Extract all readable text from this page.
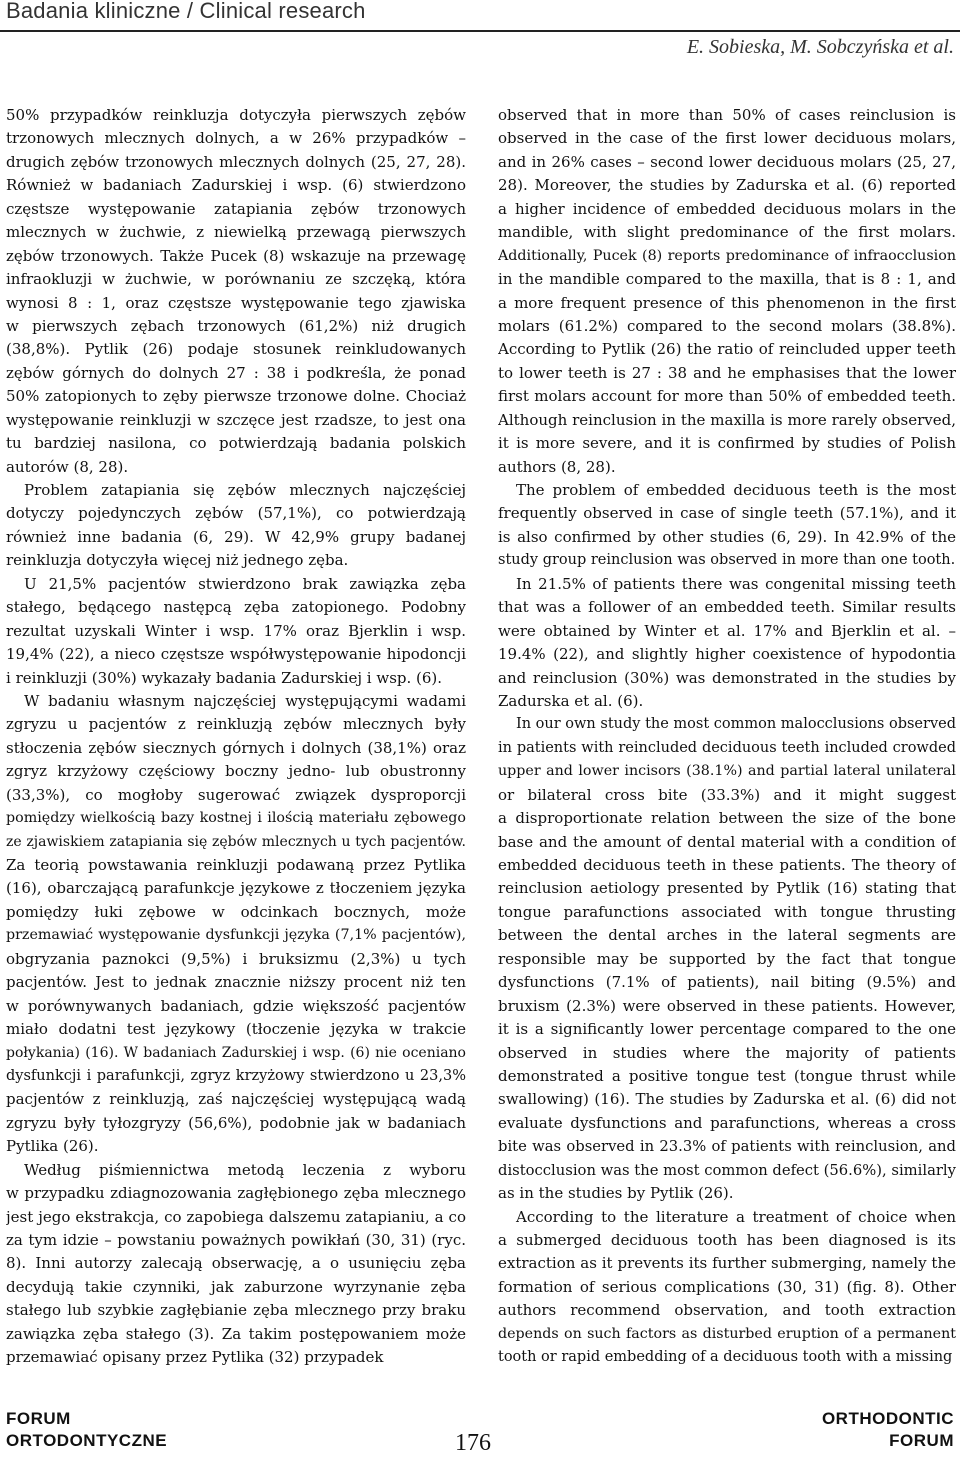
Badania kliniczne / Clinical research
E. Sobieska, M. Sobczyńska et al.
50% przypadków reinkluzja dotyczyła pierwszych zębów
trzonowych mlecznych dolnych, a w 26% przypadków –
drugich zębów trzonowych mlecznych dolnych (25, 27, 28).
Również w badaniach Zadurskiej i wsp. (6) stwierdzono
częstsze występowanie zatapiania zębów trzonowych
mlecznych w żuchwie, z niewielką przewagą pierwszych
zębów trzonowych. Także Pucek (8) wskazuje na przewagę
infraokluzji w żuchwie, w porównaniu ze szczęką, która
wynosi 8 : 1, oraz częstsze występowanie tego zjawiska
w pierwszych zębach trzonowych (61,2%) niż drugich
(38,8%). Pytlik (26) podaje stosunek reinkludowanych
zębów górnych do dolnych 27 : 38 i podkreśla, że ponad
50% zatopionych to zęby pierwsze trzonowe dolne. Chociaż
występowanie reinkluzji w szczęce jest rzadsze, to jest ona
tu bardziej nasilona, co potwierdzają badania polskich
autorów (8, 28).
Problem zatapiania się zębów mlecznych najczęściej
dotyczy pojedynczych zębów (57,1%), co potwierdzają
również inne badania (6, 29). W 42,9% grupy badanej
reinkluzja dotyczyła więcej niż jednego zęba.
U 21,5% pacjentów stwierdzono brak zawiązka zęba
stałego, będącego następcą zęba zatopionego. Podobny
rezultat uzyskali Winter i wsp. 17% oraz Bjerklin i wsp.
19,4% (22), a nieco częstsze współwystępowanie hipodoncji
i reinkluzji (30%) wykazały badania Zadurskiej i wsp. (6).
W badaniu własnym najczęściej występującymi wadami
zgryzu u pacjentów z reinkluzją zębów mlecznych były
stłoczenia zębów siecznych górnych i dolnych (38,1%) oraz
zgryz krzyżowy częściowy boczny jedno- lub obustronny
(33,3%), co mogłoby sugerować związek dysproporcji
pomiędzy wielkością bazy kostnej i ilością materiału zębowego
ze zjawiskiem zatapiania się zębów mlecznych u tych pacjentów.
Za teorią powstawania reinkluzji podawaną przez Pytlika
(16), obarczającą parafunkcje językowe z tłoczeniem języka
pomiędzy łuki zębowe w odcinkach bocznych, może
przemawiać występowanie dysfunkcji języka (7,1% pacjentów),
obgryzania paznokci (9,5%) i bruksizmu (2,3%) u tych
pacjentów. Jest to jednak znacznie niższy procent niż ten
w porównywanych badaniach, gdzie większość pacjentów
miało dodatni test językowy (tłoczenie języka w trakcie
połykania) (16). W badaniach Zadurskiej i wsp. (6) nie oceniano
dysfunkcji i parafunkcji, zgryz krzyżowy stwierdzono u 23,3%
pacjentów z reinkluzją, zaś najczęściej występującą wadą
zgryzu były tyłozgryzy (56,6%), podobnie jak w badaniach
Pytlika (26).
Według piśmiennictwa metodą leczenia z wyboru
w przypadku zdiagnozowania zagłębionego zęba mlecznego
jest jego ekstrakcja, co zapobiega dalszemu zatapianiu, a co
za tym idzie – powstaniu poważnych powikłań (30, 31) (ryc.
8). Inni autorzy zalecają obserwację, a o usunięciu zęba
decydują takie czynniki, jak zaburzone wyrzynanie zęba
stałego lub szybkie zagłębianie zęba mlecznego przy braku
zawiązka zęba stałego (3). Za takim postępowaniem może
przemawiać opisany przez Pytlika (32) przypadek
observed that in more than 50% of cases reinclusion is
observed in the case of the first lower deciduous molars,
and in 26% cases – second lower deciduous molars (25, 27,
28). Moreover, the studies by Zadurska et al. (6) reported
a higher incidence of embedded deciduous molars in the
mandible, with slight predominance of the first molars.
Additionally, Pucek (8) reports predominance of infraocclusion
in the mandible compared to the maxilla, that is 8 : 1, and
a more frequent presence of this phenomenon in the first
molars (61.2%) compared to the second molars (38.8%).
According to Pytlik (26) the ratio of reincluded upper teeth
to lower teeth is 27 : 38 and he emphasises that the lower
first molars account for more than 50% of embedded teeth.
Although reinclusion in the maxilla is more rarely observed,
it is more severe, and it is confirmed by studies of Polish
authors (8, 28).
The problem of embedded deciduous teeth is the most
frequently observed in case of single teeth (57.1%), and it
is also confirmed by other studies (6, 29). In 42.9% of the
study group reinclusion was observed in more than one tooth.
In 21.5% of patients there was congenital missing teeth
that was a follower of an embedded teeth. Similar results
were obtained by Winter et al. 17% and Bjerklin et al. –
19.4% (22), and slightly higher coexistence of hypodontia
and reinclusion (30%) was demonstrated in the studies by
Zadurska et al. (6).
In our own study the most common malocclusions observed
in patients with reincluded deciduous teeth included crowded
upper and lower incisors (38.1%) and partial lateral unilateral
or bilateral cross bite (33.3%) and it might suggest
a disproportionate relation between the size of the bone
base and the amount of dental material with a condition of
embedded deciduous teeth in these patients. The theory of
reinclusion aetiology presented by Pytlik (16) stating that
tongue parafunctions associated with tongue thrusting
between the dental arches in the lateral segments are
responsible may be supported by the fact that tongue
dysfunctions (7.1% of patients), nail biting (9.5%) and
bruxism (2.3%) were observed in these patients. However,
it is a significantly lower percentage compared to the one
observed in studies where the majority of patients
demonstrated a positive tongue test (tongue thrust while
swallowing) (16). The studies by Zadurska et al. (6) did not
evaluate dysfunctions and parafunctions, whereas a cross
bite was observed in 23.3% of patients with reinclusion, and
distocclusion was the most common defect (56.6%), similarly
as in the studies by Pytlik (26).
According to the literature a treatment of choice when
a submerged deciduous tooth has been diagnosed is its
extraction as it prevents its further submerging, namely the
formation of serious complications (30, 31) (fig. 8). Other
authors recommend observation, and tooth extraction
depends on such factors as disturbed eruption of a permanent
tooth or rapid embedding of a deciduous tooth with a missing
FORUM
ORTODONTYCZNE	176
ORTHODONTIC
FORUM
